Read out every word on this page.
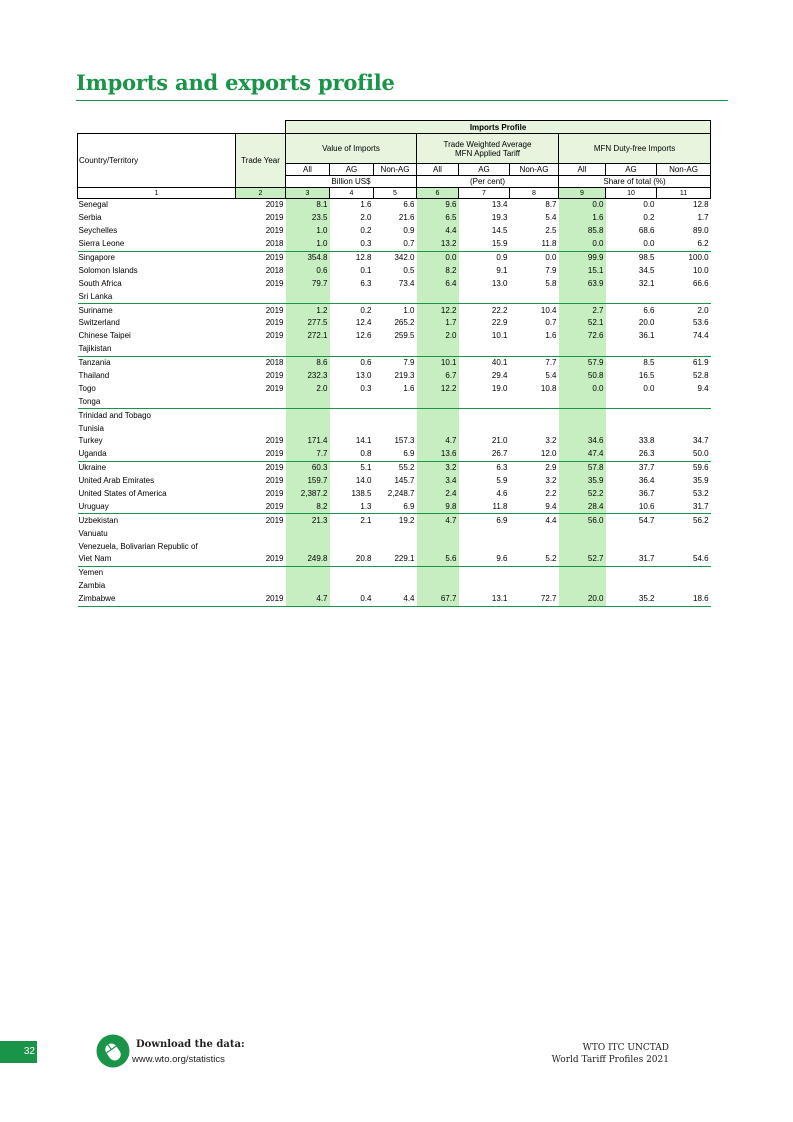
Imports and exports profile
		Imports Profile								
Country/Territory	Trade Year	Value of Imports			Trade Weighted Average
MFN Applied Tariff			MFN Duty-free Imports		
		All	AG	Non-AG	All	AG	Non-AG	All	AG	Non-AG
		Billion US$			(Per cent)			Share of total (%)		
1	2	3	4	5	6	7	8	9	10	11
Senegal	2019	8.1	1.6	6.6	9.6	13.4	8.7	0.0	0.0	12.8
Serbia	2019	23.5	2.0	21.6	6.5	19.3	5.4	1.6	0.2	1.7
Seychelles	2019	1.0	0.2	0.9	4.4	14.5	2.5	85.8	68.6	89.0
Sierra Leone	2018	1.0	0.3	0.7	13.2	15.9	11.8	0.0	0.0	6.2
Singapore	2019	354.8	12.8	342.0	0.0	0.9	0.0	99.9	98.5	100.0
Solomon Islands	2018	0.6	0.1	0.5	8.2	9.1	7.9	15.1	34.5	10.0
South Africa	2019	79.7	6.3	73.4	6.4	13.0	5.8	63.9	32.1	66.6
Sri Lanka										
Suriname	2019	1.2	0.2	1.0	12.2	22.2	10.4	2.7	6.6	2.0
Switzerland	2019	277.5	12.4	265.2	1.7	22.9	0.7	52.1	20.0	53.6
Chinese Taipei	2019	272.1	12.6	259.5	2.0	10.1	1.6	72.6	36.1	74.4
Tajikistan										
Tanzania	2018	8.6	0.6	7.9	10.1	40.1	7.7	57.9	8.5	61.9
Thailand	2019	232.3	13.0	219.3	6.7	29.4	5.4	50.8	16.5	52.8
Togo	2019	2.0	0.3	1.6	12.2	19.0	10.8	0.0	0.0	9.4
Tonga										
Trinidad and Tobago										
Tunisia										
Turkey	2019	171.4	14.1	157.3	4.7	21.0	3.2	34.6	33.8	34.7
Uganda	2019	7.7	0.8	6.9	13.6	26.7	12.0	47.4	26.3	50.0
Ukraine	2019	60.3	5.1	55.2	3.2	6.3	2.9	57.8	37.7	59.6
United Arab Emirates	2019	159.7	14.0	145.7	3.4	5.9	3.2	35.9	36.4	35.9
United States of America	2019	2,387.2	138.5	2,248.7	2.4	4.6	2.2	52.2	36.7	53.2
Uruguay	2019	8.2	1.3	6.9	9.8	11.8	9.4	28.4	10.6	31.7
Uzbekistan	2019	21.3	2.1	19.2	4.7	6.9	4.4	56.0	54.7	56.2
Vanuatu										
Venezuela, Bolivarian Republic of										
Viet Nam	2019	249.8	20.8	229.1	5.6	9.6	5.2	52.7	31.7	54.6
Yemen										
Zambia										
Zimbabwe	2019	4.7	0.4	4.4	67.7	13.1	72.7	20.0	35.2	18.6
32
Download the data:
www.wto.org/statistics
WTO ITC UNCTAD
World Tariff Profiles 2021
